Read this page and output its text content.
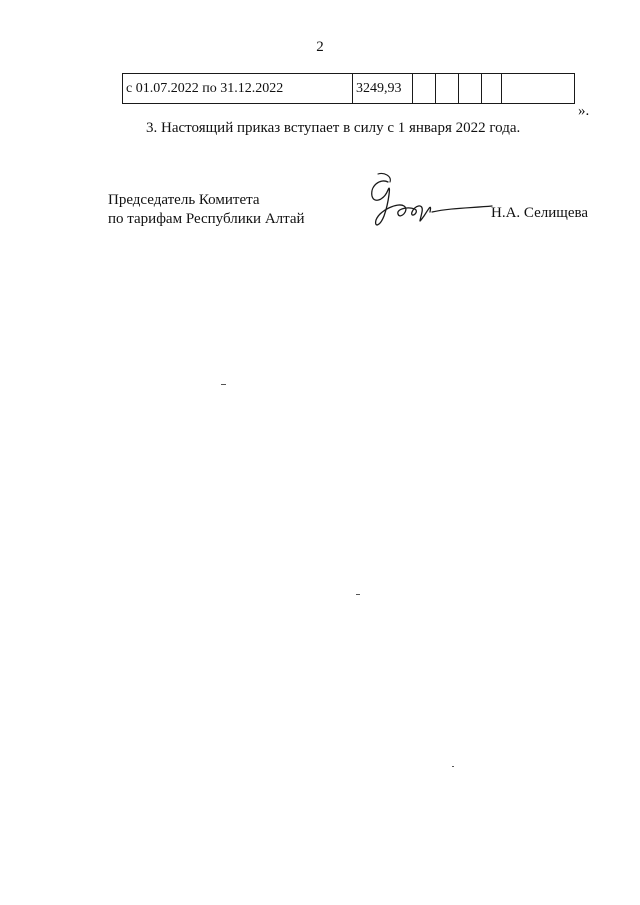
2
с 01.07.2022 по 31.12.2022	3249,93					
».
3. Настоящий приказ вступает в силу с 1 января 2022 года.
Председатель Комитета
по тарифам Республики Алтай	Н.А. Селищева
